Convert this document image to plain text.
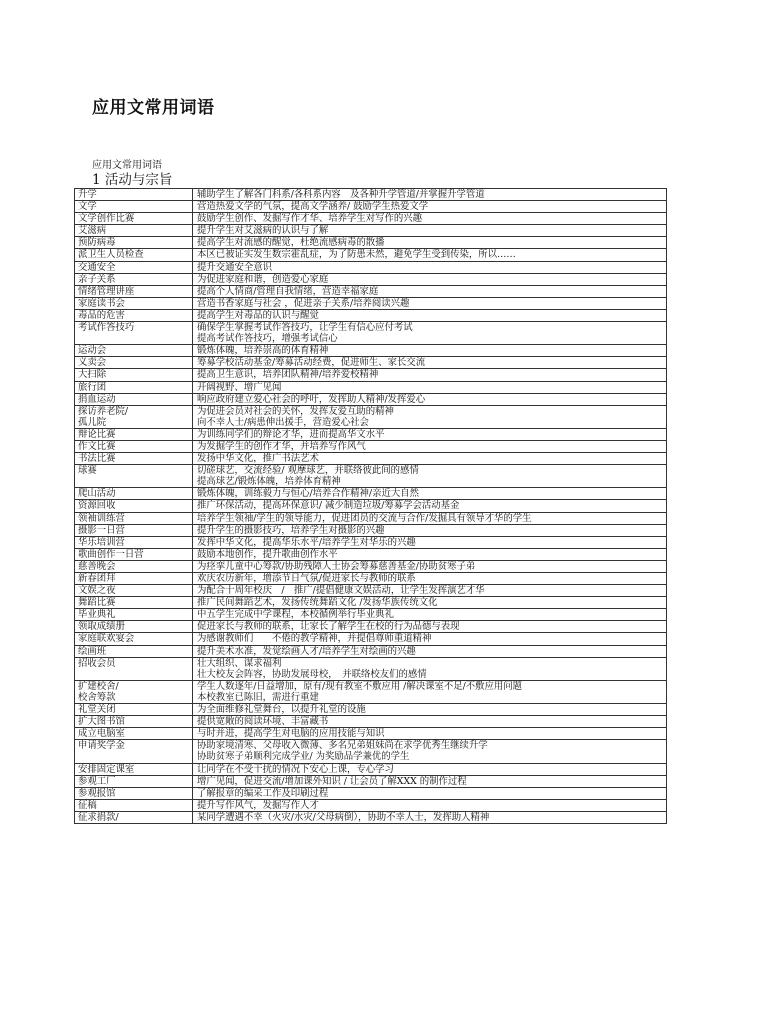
应用文常用词语
应用文常用词语
1 活动与宗旨
升学	辅助学生了解各门科系/各科系内容　及各种升学管道/并掌握升学管道

文学	营造热爱文学的气氛，提高文学涵养/ 鼓励学生热爱文学

文学创作比赛	鼓励学生创作、发掘写作才华、培养学生对写作的兴趣

艾滋病	提升学生对艾滋病的认识与了解

预防病毒	提高学生对流感的醒觉，杜绝流感病毒的散播

派卫生人员检查	本区已被证实发生数宗霍乱症，为了防患未然，避免学生受到传染，所以……

交通安全	提升交通安全意识

亲子关系	为促进家庭和谐，创造爱心家庭

情绪管理讲座	提高个人情商/管理自我情绪，营造幸福家庭

家庭读书会	营造书香家庭与社会 ，促进亲子关系/培养阅读兴趣

毒品的危害	提高学生对毒品的认识与醒觉

考试作答技巧	确保学生掌握考试作答技巧，让学生有信心应付考试
提高考试作答技巧，增强考试信心

运动会	锻炼体魄，培养崇高的体育精神

义卖会	筹募学校活动基金/筹募活动经费，促进师生、家长交流

大扫除	提高卫生意识，培养团队精神/培养爱校精神

旅行团	开阔视野、增广见闻

捐血运动	响应政府建立爱心社会的呼吁，发挥助人精神/发挥爱心

探访养老院/
孤儿院	为促进会员对社会的关怀，发挥友爱互助的精神
向不幸人士/病患伸出援手，营造爱心社会

辩论比赛	为训练同学们的辩论才华，进而提高华文水平

作文比赛	为发掘学生的创作才华，并培养写作风气

书法比赛	发扬中华文化，推广书法艺术

球赛	切磋球艺，交流经验/ 观摩球艺，并联络彼此间的感情
提高球艺/锻炼体魄，培养体育精神

爬山活动	锻炼体魄，训练毅力与恒心/培养合作精神/亲近大自然

资源回收	推广环保活动，提高环保意识/ 减少制造垃圾/筹募学会活动基金

领袖训练营	培养学生领袖/学生的领导能力，促进团员的交流与合作/发掘具有领导才华的学生

摄影一日营	提升学生的摄影技巧，培养学生对摄影的兴趣

华乐培训营	发挥中华文化，提高华乐水平/培养学生对华乐的兴趣

歌曲创作一日营	鼓励本地创作，提升歌曲创作水平

慈善晚会	为痉挛儿童中心筹款/协助残障人士协会筹募慈善基金/协助贫寒子弟

新春团拜	欢庆农历新年，增添节日气氛/促进家长与教师的联系

文娱之夜	为配合十周年校庆　/　推广/提倡健康文娱活动，让学生发挥演艺才华

舞蹈比赛	推广民间舞蹈艺术，发扬传统舞蹈文化 /发扬华族传统文化

毕业典礼	中五学生完成中学课程，本校循例举行毕业典礼

领取成绩册	促进家长与教师的联系，让家长了解学生在校的行为品德与表现

家庭联欢宴会	为感谢教师们　　不倦的教学精神，并提倡尊师重道精神

绘画班	提升美术水准，发觉绘画人才/培养学生对绘画的兴趣

招收会员	壮大组织、谋求福利
壮大校友会阵容，协助发展母校，　并联络校友们的感情

扩建校舍/
校舍筹款	学生人数逐年/日益增加，原有/现有教室不敷应用 /解决课室不足/不敷应用问题
本校教室已陈旧，需进行重建

礼堂关闭	为全面维修礼堂舞台，以提升礼堂的设施

扩大图书馆	提供宽敞的阅读环境、丰富藏书

成立电脑室	与时并进，提高学生对电脑的应用技能与知识

申请奖学金	协助家境清寒、父母收入微薄、多名兄弟姐妹尚在求学优秀生继续升学
协助贫寒子弟顺利完成学业/ 为奖励品学兼优的学生

安排固定课室	让同学在不受干扰的情况下安心上课，专心学习

参观工厂	增广见闻，促进交流/增加课外知识 / 让会员了解XXX 的制作过程

参观报馆	了解报章的编采工作及印刷过程

征稿	提升写作风气，发掘写作人才

征求捐款/	某同学遭遇不幸（火灾/水灾/父母病倒），协助不幸人士，发挥助人精神
